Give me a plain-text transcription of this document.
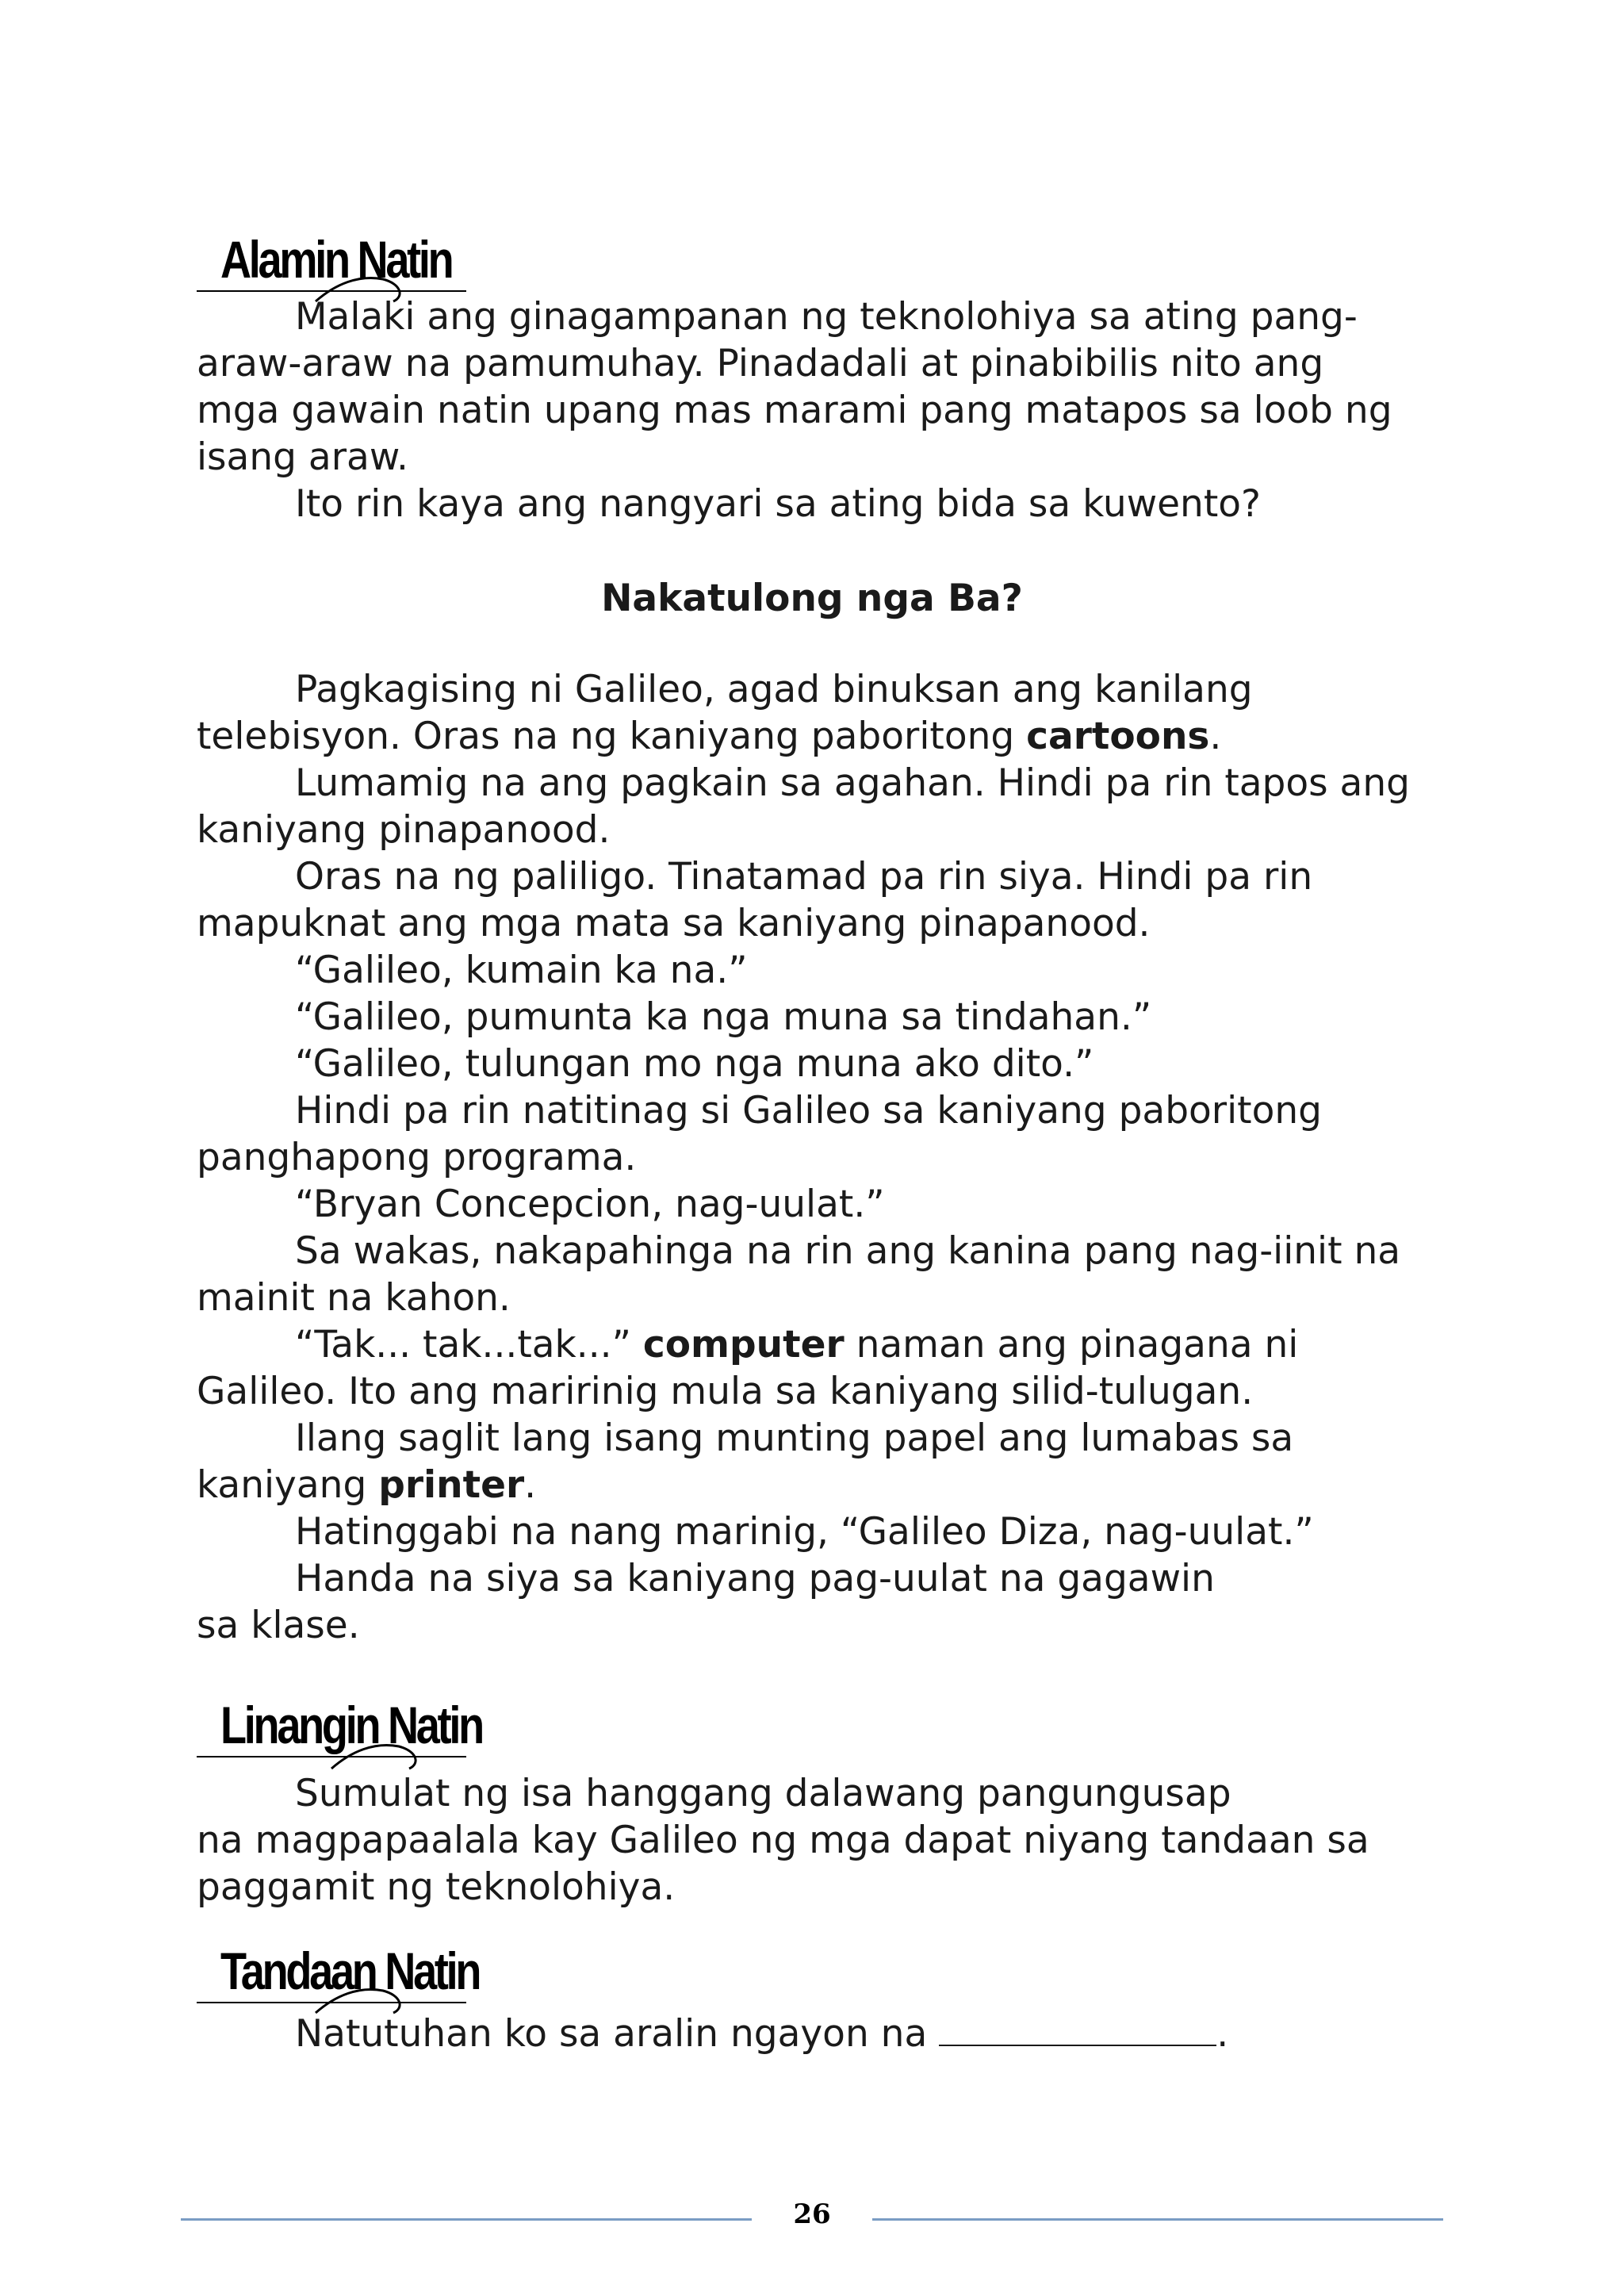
Alamin Natin
Malaki ang ginagampanan ng teknolohiya sa ating pang-
araw-araw na pamumuhay. Pinadadali at pinabibilis nito ang
mga gawain natin upang mas marami pang matapos sa loob ng
isang araw.
Ito rin kaya ang nangyari sa ating bida sa kuwento?
Nakatulong nga Ba?
Pagkagising ni Galileo, agad binuksan ang kanilang
telebisyon. Oras na ng kaniyang paboritong cartoons.
Lumamig na ang pagkain sa agahan. Hindi pa rin tapos ang
kaniyang pinapanood.
Oras na ng paliligo. Tinatamad pa rin siya. Hindi pa rin
mapuknat ang mga mata sa kaniyang pinapanood.
“Galileo, kumain ka na.”
“Galileo, pumunta ka nga muna sa tindahan.”
“Galileo, tulungan mo nga muna ako dito.”
Hindi pa rin natitinag si Galileo sa kaniyang paboritong
panghapong programa.
“Bryan Concepcion, nag-uulat.”
Sa wakas, nakapahinga na rin ang kanina pang nag-iinit na
mainit na kahon.
“Tak... tak...tak...” computer naman ang pinagana ni
Galileo. Ito ang maririnig mula sa kaniyang silid-tulugan.
Ilang saglit lang isang munting papel ang lumabas sa
kaniyang printer.
Hatinggabi na nang marinig, “Galileo Diza, nag-uulat.”
Handa na siya sa kaniyang pag-uulat na gagawin
sa klase.
Linangin Natin
Sumulat ng isa hanggang dalawang pangungusap
na magpapaalala kay Galileo ng mga dapat niyang tandaan sa
paggamit ng teknolohiya.
Tandaan Natin
Natutuhan ko sa aralin ngayon na	.
26
